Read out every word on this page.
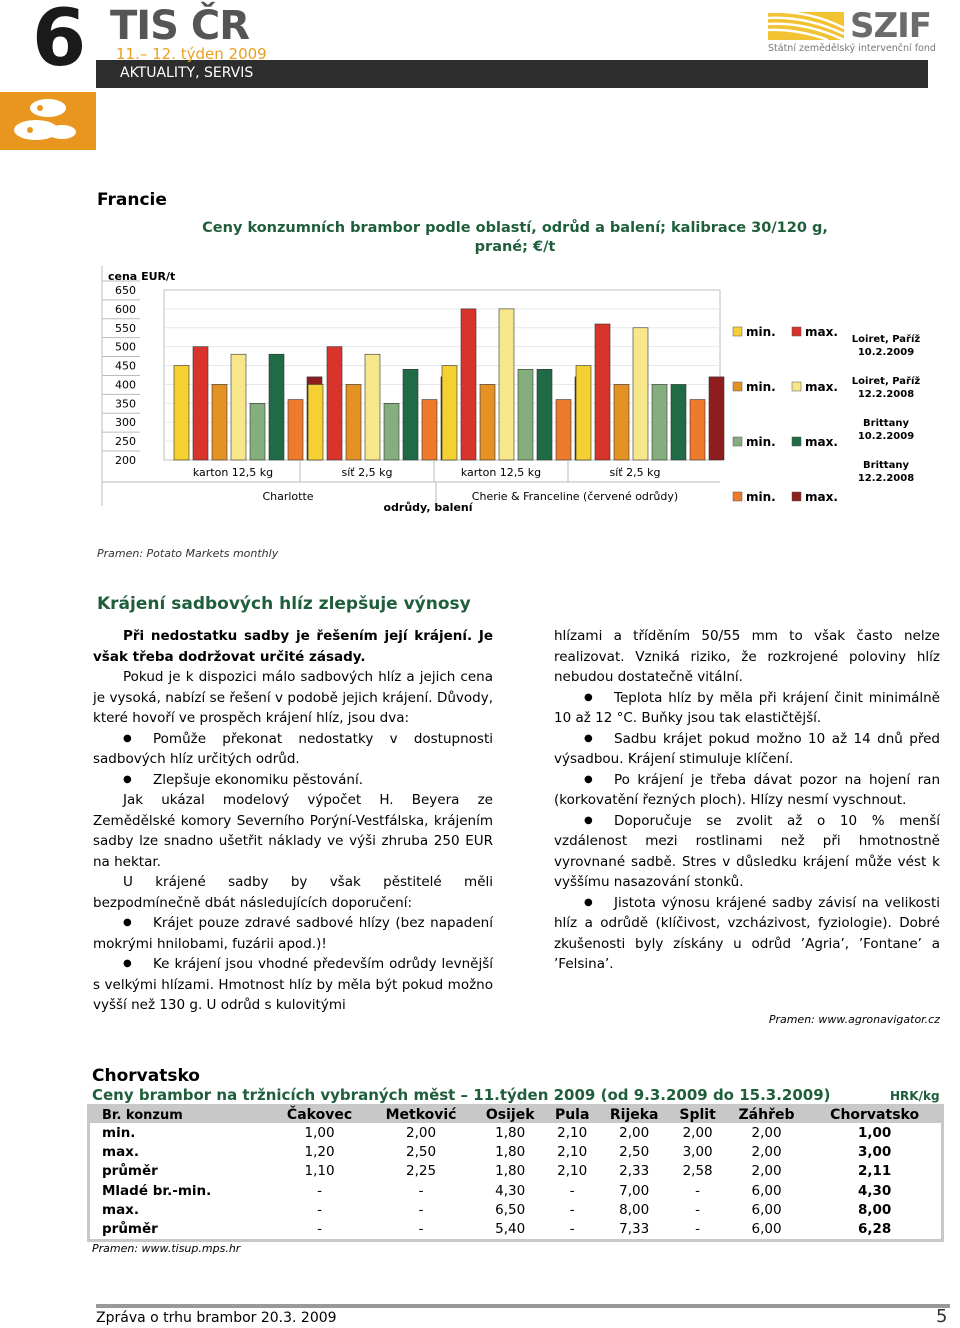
6 TIS ČR
11.– 12. týden 2009
AKTUALITY, SERVIS
SZIF
Státní zemědělský intervenční fond
Francie
Ceny konzumních brambor podle oblastí, odrůd a balení; kalibrace 30/120 g, prané; €/t
cena EUR/t
650
600
550
500
450
400
350
300
250
200
karton 12,5 kg	síť 2,5 kg	karton 12,5 kg	síť 2,5 kg
Charlotte	Cherie & Franceline (červené odrůdy)
odrůdy, balení
min. max.
min. max.
min. max.
min. max.
Loiret, Paříž
10.2.2009
Loiret, Paříž
12.2.2008
Brittany
10.2.2009
Brittany
12.2.2008
Pramen: Potato Markets monthly
Krájení sadbových hlíz zlepšuje výnosy

Při nedostatku sadby je řešením její krájení. Je však třeba dodržovat určité zásady.

Pokud je k dispozici málo sadbových hlíz a jejich cena je vysoká, nabízí se řešení v podobě jejich krájení. Důvody, které hovoří ve prospěch krájení hlíz, jsou dva:

● Pomůže překonat nedostatky v dostupnosti sadbových hlíz určitých odrůd.

● Zlepšuje ekonomiku pěstování.

Jak ukázal modelový výpočet H. Beyera ze Zemědělské komory Severního Porýní-Vestfálska, krájením sadby lze snadno ušetřit náklady ve výši zhruba 250 EUR na hektar.

U krájené sadby by však pěstitelé měli bezpodmínečně dbát následujících doporučení:

● Krájet pouze zdravé sadbové hlízy (bez napadení mokrými hnilobami, fuzárii apod.)!

● Ke krájení jsou vhodné především odrůdy levnější s velkými hlízami. Hmotnost hlíz by měla být pokud možno vyšší než 130 g. U odrůd s kulovitými

hlízami a tříděním 50/55 mm to však často nelze realizovat. Vzniká riziko, že rozkrojené poloviny hlíz nebudou dostatečně vitální.

● Teplota hlíz by měla při krájení činit minimálně 10 až 12 °C. Buňky jsou tak elastičtější.

● Sadbu krájet pokud možno 10 až 14 dnů před výsadbou. Krájení stimuluje klíčení.

● Po krájení je třeba dávat pozor na hojení ran (korkovatění řezných ploch). Hlízy nesmí vyschnout.

● Doporučuje se zvolit až o 10 % menší vzdálenost mezi rostlinami než při hmotnostně vyrovnané sadbě. Stres v důsledku krájení může vést k vyššímu nasazování stonků.

● Jistota výnosu krájené sadby závisí na velikosti hlíz a odrůdě (klíčivost, vzcházivost, fyziologie). Dobré zkušenosti byly získány u odrůd ’Agria’, ’Fontane’ a ’Felsina’.

Pramen: www.agronavigator.cz
Chorvatsko
Ceny brambor na tržnicích vybraných měst – 11.týden 2009 (od 9.3.2009 do 15.3.2009)	HRK/kg
Br. konzum	Čakovec	Metković	Osijek	Pula	Rijeka	Split	Záhřeb	Chorvatsko
min.	1,00	2,00	1,80	2,10	2,00	2,00	2,00	1,00
max.	1,20	2,50	1,80	2,10	2,50	3,00	2,00	3,00
průměr	1,10	2,25	1,80	2,10	2,33	2,58	2,00	2,11
Mladé br.-min.	-	-	4,30	-	7,00	-	6,00	4,30
max.	-	-	6,50	-	8,00	-	6,00	8,00
průměr	-	-	5,40	-	7,33	-	6,00	6,28
Pramen: www.tisup.mps.hr
Zpráva o trhu brambor 20.3. 2009	5
